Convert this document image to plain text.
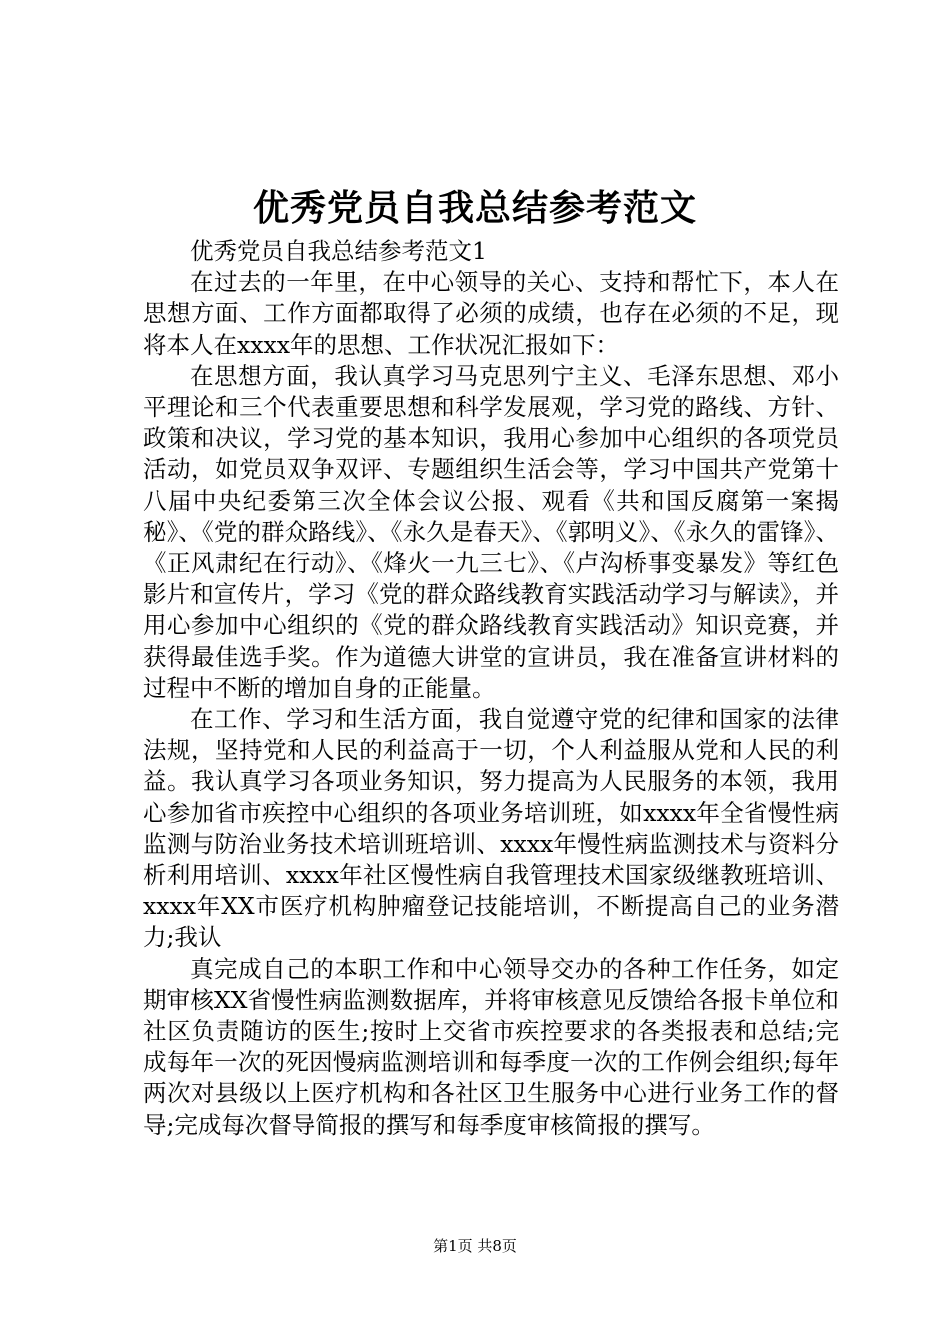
优秀党员自我总结参考范文

优秀党员自我总结参考范文1

在过去的一年里，在中心领导的关心、支持和帮忙下，本人在思想方面、工作方面都取得了必须的成绩，也存在必须的不足，现将本人在xxxx年的思想、工作状况汇报如下：

在思想方面，我认真学习马克思列宁主义、毛泽东思想、邓小平理论和三个代表重要思想和科学发展观，学习党的路线、方针、政策和决议，学习党的基本知识，我用心参加中心组织的各项党员活动，如党员双争双评、专题组织生活会等，学习中国共产党第十八届中央纪委第三次全体会议公报、观看《共和国反腐第一案揭秘》、《党的群众路线》、《永久是春天》、《郭明义》、《永久的雷锋》、《正风肃纪在行动》、《烽火一九三七》、《卢沟桥事变暴发》等红色影片和宣传片，学习《党的群众路线教育实践活动学习与解读》，并用心参加中心组织的《党的群众路线教育实践活动》知识竞赛，并获得最佳选手奖。作为道德大讲堂的宣讲员，我在准备宣讲材料的过程中不断的增加自身的正能量。

在工作、学习和生活方面，我自觉遵守党的纪律和国家的法律法规，坚持党和人民的利益高于一切，个人利益服从党和人民的利益。我认真学习各项业务知识，努力提高为人民服务的本领，我用心参加省市疾控中心组织的各项业务培训班，如xxxx年全省慢性病监测与防治业务技术培训班培训、xxxx年慢性病监测技术与资料分析利用培训、xxxx年社区慢性病自我管理技术国家级继教班培训、xxxx年XX市医疗机构肿瘤登记技能培训，不断提高自己的业务潜力;我认

真完成自己的本职工作和中心领导交办的各种工作任务，如定期审核XX省慢性病监测数据库，并将审核意见反馈给各报卡单位和社区负责随访的医生;按时上交省市疾控要求的各类报表和总结;完成每年一次的死因慢病监测培训和每季度一次的工作例会组织;每年两次对县级以上医疗机构和各社区卫生服务中心进行业务工作的督导;完成每次督导简报的撰写和每季度审核简报的撰写。

第1页 共8页
